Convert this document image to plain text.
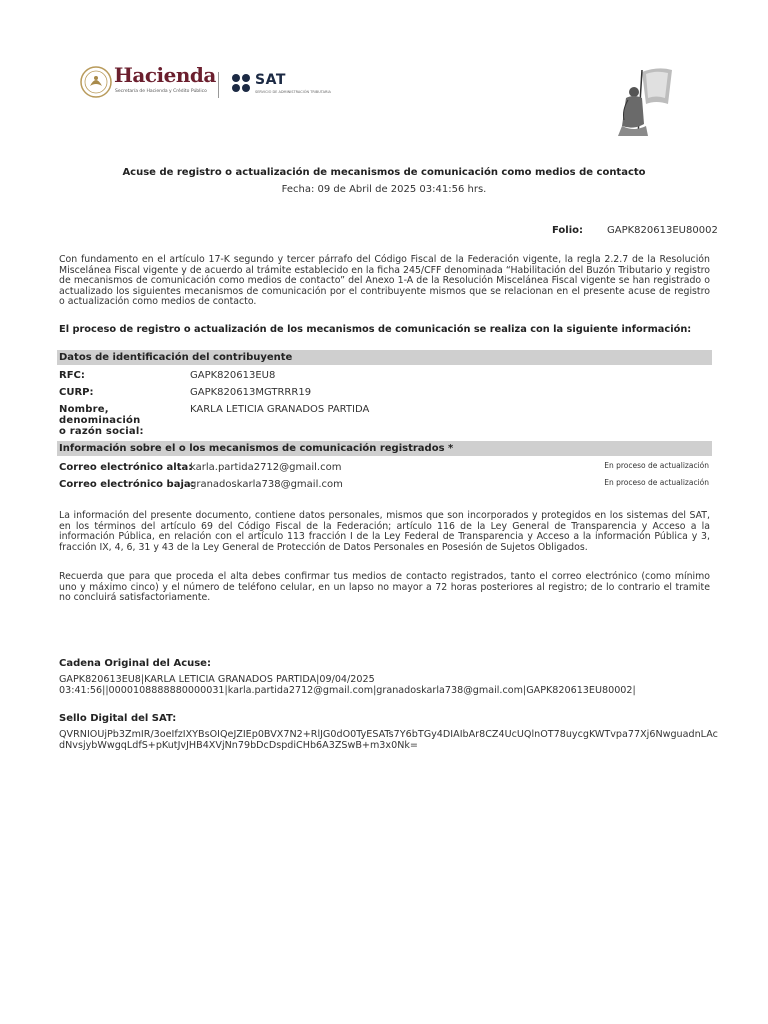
Hacienda
Secretaría de Hacienda y Crédito Público
SAT
SERVICIO DE ADMINISTRACIÓN TRIBUTARIA
Acuse de registro o actualización de mecanismos de comunicación como medios de contacto
Fecha: 09 de Abril de 2025 03:41:56 hrs.
Folio: GAPK820613EU80002
Con fundamento en el artículo 17-K segundo y tercer párrafo del Código Fiscal de la Federación vigente, la regla 2.2.7 de la Resolución Miscelánea Fiscal vigente y de acuerdo al trámite establecido en la ficha 245/CFF denominada “Habilitación del Buzón Tributario y registro de mecanismos de comunicación como medios de contacto” del Anexo 1-A de la Resolución Miscelánea Fiscal vigente se han registrado o actualizado los siguientes mecanismos de comunicación por el contribuyente mismos que se relacionan en el presente acuse de registro o actualización como medios de contacto.
El proceso de registro o actualización de los mecanismos de comunicación se realiza con la siguiente información:
Datos de identificación del contribuyente
RFC:	GAPK820613EU8
CURP:	GAPK820613MGTRRR19
Nombre, denominación
o razón social:
KARLA LETICIA GRANADOS PARTIDA
Información sobre el o los mecanismos de comunicación registrados *
Correo electrónico alta:
karla.partida2712@gmail.com	En proceso de actualización
Correo electrónico baja:
granadoskarla738@gmail.com	En proceso de actualización
La información del presente documento, contiene datos personales, mismos que son incorporados y protegidos en los sistemas del SAT, en los términos del artículo 69 del Código Fiscal de la Federación; artículo 116 de la Ley General de Transparencia y Acceso a la información Pública, en relación con el artículo 113 fracción I de la Ley Federal de Transparencia y Acceso a la información Pública y 3, fracción IX, 4, 6, 31 y 43 de la Ley General de Protección de Datos Personales en Posesión de Sujetos Obligados.
Recuerda que para que proceda el alta debes confirmar tus medios de contacto registrados, tanto el correo electrónico (como mínimo uno y máximo cinco) y el número de teléfono celular, en un lapso no mayor a 72 horas posteriores al registro; de lo contrario el tramite no concluirá satisfactoriamente.
Cadena Original del Acuse:
GAPK820613EU8|KARLA LETICIA GRANADOS PARTIDA|09/04/2025
03:41:56||0000108888880000031|karla.partida2712@gmail.com|granadoskarla738@gmail.com|GAPK820613EU80002|
Sello Digital del SAT:
QVRNIOUjPb3ZmIR/3oeIfzIXYBsOIQeJZIEp0BVX7N2+RlJG0dO0TyESATs7Y6bTGy4DIAIbAr8CZ4UcUQlnOT78uycgKWTvpa77Xj6NwguadnLAc
dNvsjybWwgqLdfS+pKutJvJHB4XVjNn79bDcDspdiCHb6A3ZSwB+m3x0Nk=
